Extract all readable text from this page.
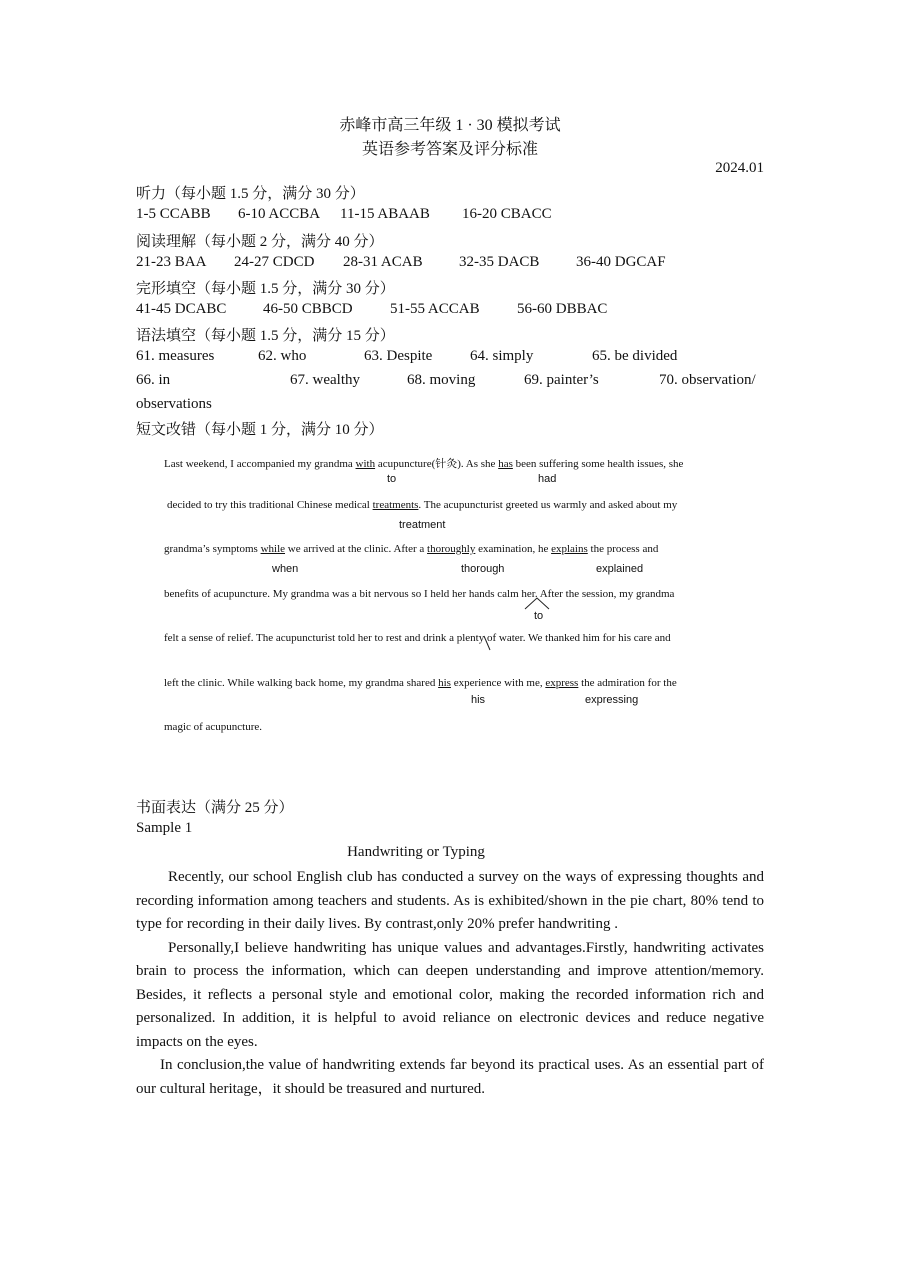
赤峰市高三年级 1 · 30 模拟考试
英语参考答案及评分标准
2024.01
听力（每小题 1.5 分，满分 30 分）
1-5 CCABB 6-10 ACCBA 11-15 ABAAB 16-20 CBACC
阅读理解（每小题 2 分，满分 40 分）
21-23 BAA 24-27 CDCD 28-31 ACAB 32-35 DACB 36-40 DGCAF
完形填空（每小题 1.5 分，满分 30 分）
41-45 DCABC 46-50 CBBCD 51-55 ACCAB 56-60 DBBAC
语法填空（每小题 1.5 分，满分 15 分）
61. measures	62. who	63. Despite	64. simply	65. be divided
66. in	67. wealthy	68. moving	69. painter’s	70. observation/
observations
短文改错（每小题 1 分，满分 10 分）
Last weekend, I accompanied my grandma with acupuncture(针灸). As she has been suffering some health issues, she
to	had
decided to try this traditional Chinese medical treatments. The acupuncturist greeted us warmly and asked about my
treatment
grandma’s symptoms while we arrived at the clinic. After a thoroughly examination, he explains the process and
when	thorough	explained
benefits of acupuncture. My grandma was a bit nervous so I held her hands calm her. After the session, my grandma
to
felt a sense of relief. The acupuncturist told her to rest and drink a plenty of water. We thanked him for his care and
left the clinic. While walking back home, my grandma shared his experience with me, express the admiration for the
his	expressing
magic of acupuncture.
书面表达（满分 25 分）
Sample 1
Handwriting or Typing

Recently, our school English club has conducted a survey on the ways of expressing thoughts and recording information among teachers and students. As is exhibited/shown in the pie chart, 80% tend to type for recording in their daily lives. By contrast,only 20% prefer handwriting .

Personally,I believe handwriting has unique values and advantages.Firstly, handwriting activates brain to process the information, which can deepen understanding and improve attention/memory. Besides, it reflects a personal style and emotional color, making the recorded information rich and personalized. In addition, it is helpful to avoid reliance on electronic devices and reduce negative impacts on the eyes.

In conclusion,the value of handwriting extends far beyond its practical uses. As an essential part of our cultural heritage，it should be treasured and nurtured.
